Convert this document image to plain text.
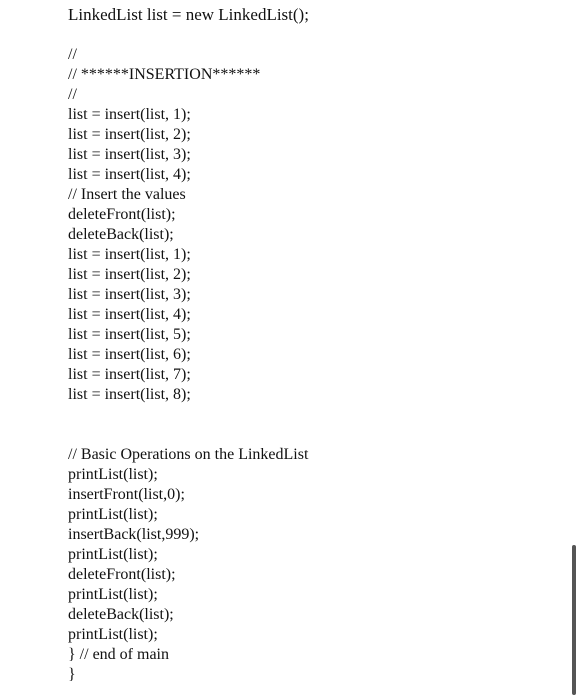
LinkedList list = new LinkedList();
//
// ******INSERTION******
//
list = insert(list, 1);
list = insert(list, 2);
list = insert(list, 3);
list = insert(list, 4);
// Insert the values
deleteFront(list);
deleteBack(list);
list = insert(list, 1);
list = insert(list, 2);
list = insert(list, 3);
list = insert(list, 4);
list = insert(list, 5);
list = insert(list, 6);
list = insert(list, 7);
list = insert(list, 8);
// Basic Operations on the LinkedList
printList(list);
insertFront(list,0);
printList(list);
insertBack(list,999);
printList(list);
deleteFront(list);
printList(list);
deleteBack(list);
printList(list);
} // end of main
}
